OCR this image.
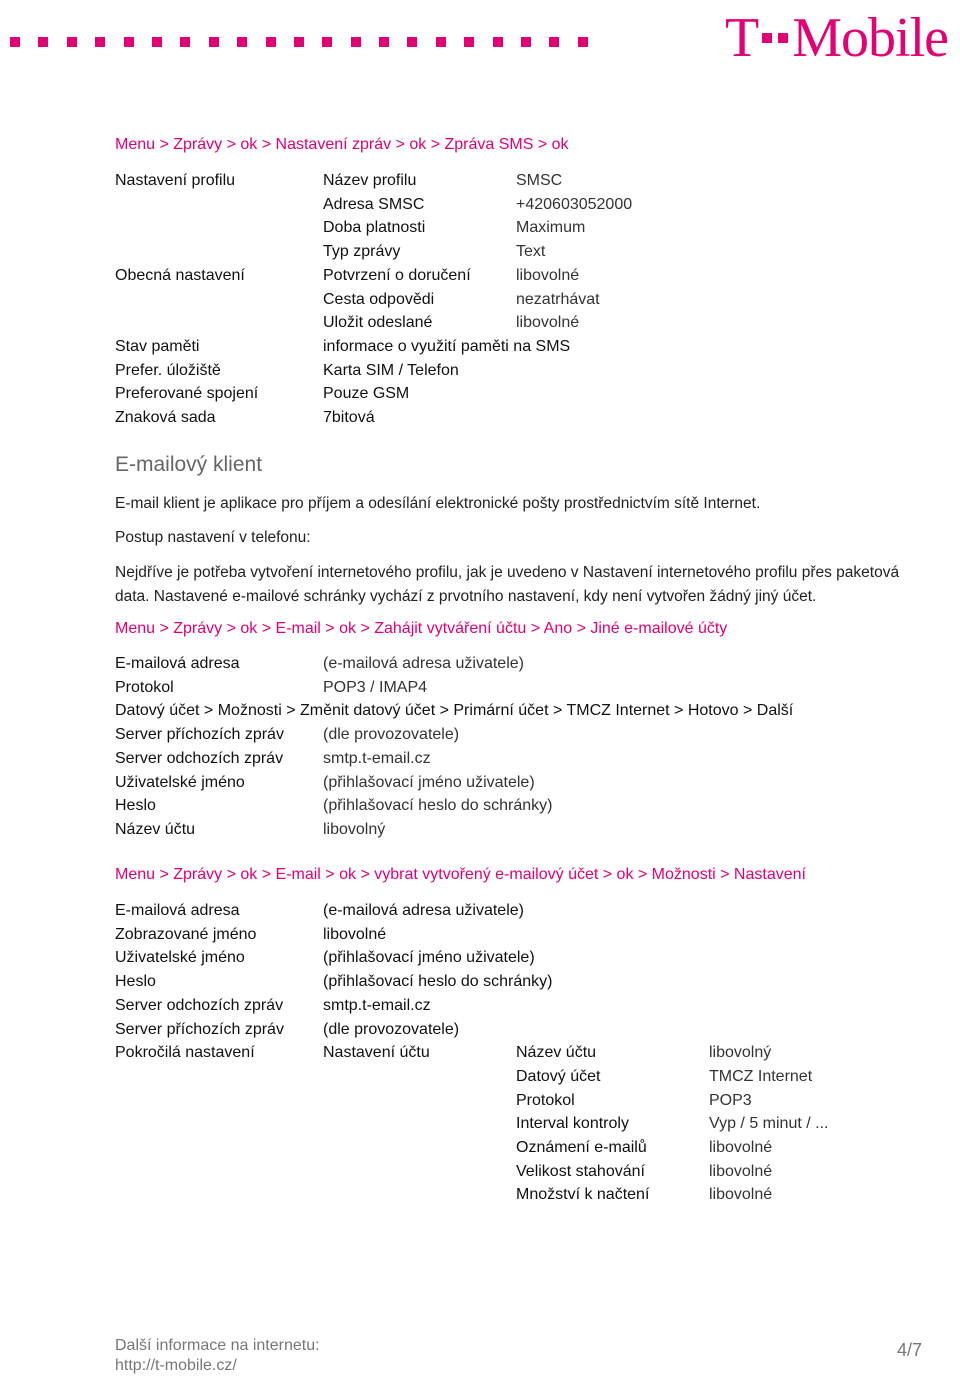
T Mobile
Menu > Zprávy > ok > Nastavení zpráv > ok > Zpráva SMS > ok
Nastavení profilu	Název profilu	SMSC
Adresa SMSC	+420603052000
Doba platnosti	Maximum
Typ zprávy	Text
Obecná nastavení	Potvrzení o doručení	libovolné
Cesta odpovědi	nezatrhávat
Uložit odeslané	libovolné
Stav paměti	informace o využití paměti na SMS
Prefer. úložiště	Karta SIM / Telefon
Preferované spojení	Pouze GSM
Znaková sada	7bitová
E-mailový klient
E-mail klient je aplikace pro příjem a odesílání elektronické pošty prostřednictvím sítě Internet.
Postup nastavení v telefonu:
Nejdříve je potřeba vytvoření internetového profilu, jak je uvedeno v Nastavení internetového profilu přes paketová data. Nastavené e-mailové schránky vychází z prvotního nastavení, kdy není vytvořen žádný jiný účet.
Menu > Zprávy > ok > E-mail > ok > Zahájit vytváření účtu > Ano > Jiné e-mailové účty
E-mailová adresa	(e-mailová adresa uživatele)
Protokol	POP3 / IMAP4
Datový účet > Možnosti > Změnit datový účet > Primární účet > TMCZ Internet > Hotovo > Další
Server příchozích zpráv (dle provozovatele)
Server odchozích zpráv smtp.t-email.cz
Uživatelské jméno	(přihlašovací jméno uživatele)
Heslo	(přihlašovací heslo do schránky)
Název účtu	libovolný
Menu > Zprávy > ok > E-mail > ok > vybrat vytvořený e-mailový účet > ok > Možnosti > Nastavení
E-mailová adresa	(e-mailová adresa uživatele)
Zobrazované jméno	libovolné
Uživatelské jméno	(přihlašovací jméno uživatele)
Heslo	(přihlašovací heslo do schránky)
Server odchozích zpráv smtp.t-email.cz
Server příchozích zpráv (dle provozovatele)
Pokročilá nastavení	Nastavení účtu	Název účtu	libovolný
Datový účet	TMCZ Internet
Protokol	POP3
Interval kontroly	Vyp / 5 minut / ...
Oznámení e-mailů	libovolné
Velikost stahování	libovolné
Množství k načtení	libovolné
Další informace na internetu:
http://t-mobile.cz/
4/7
